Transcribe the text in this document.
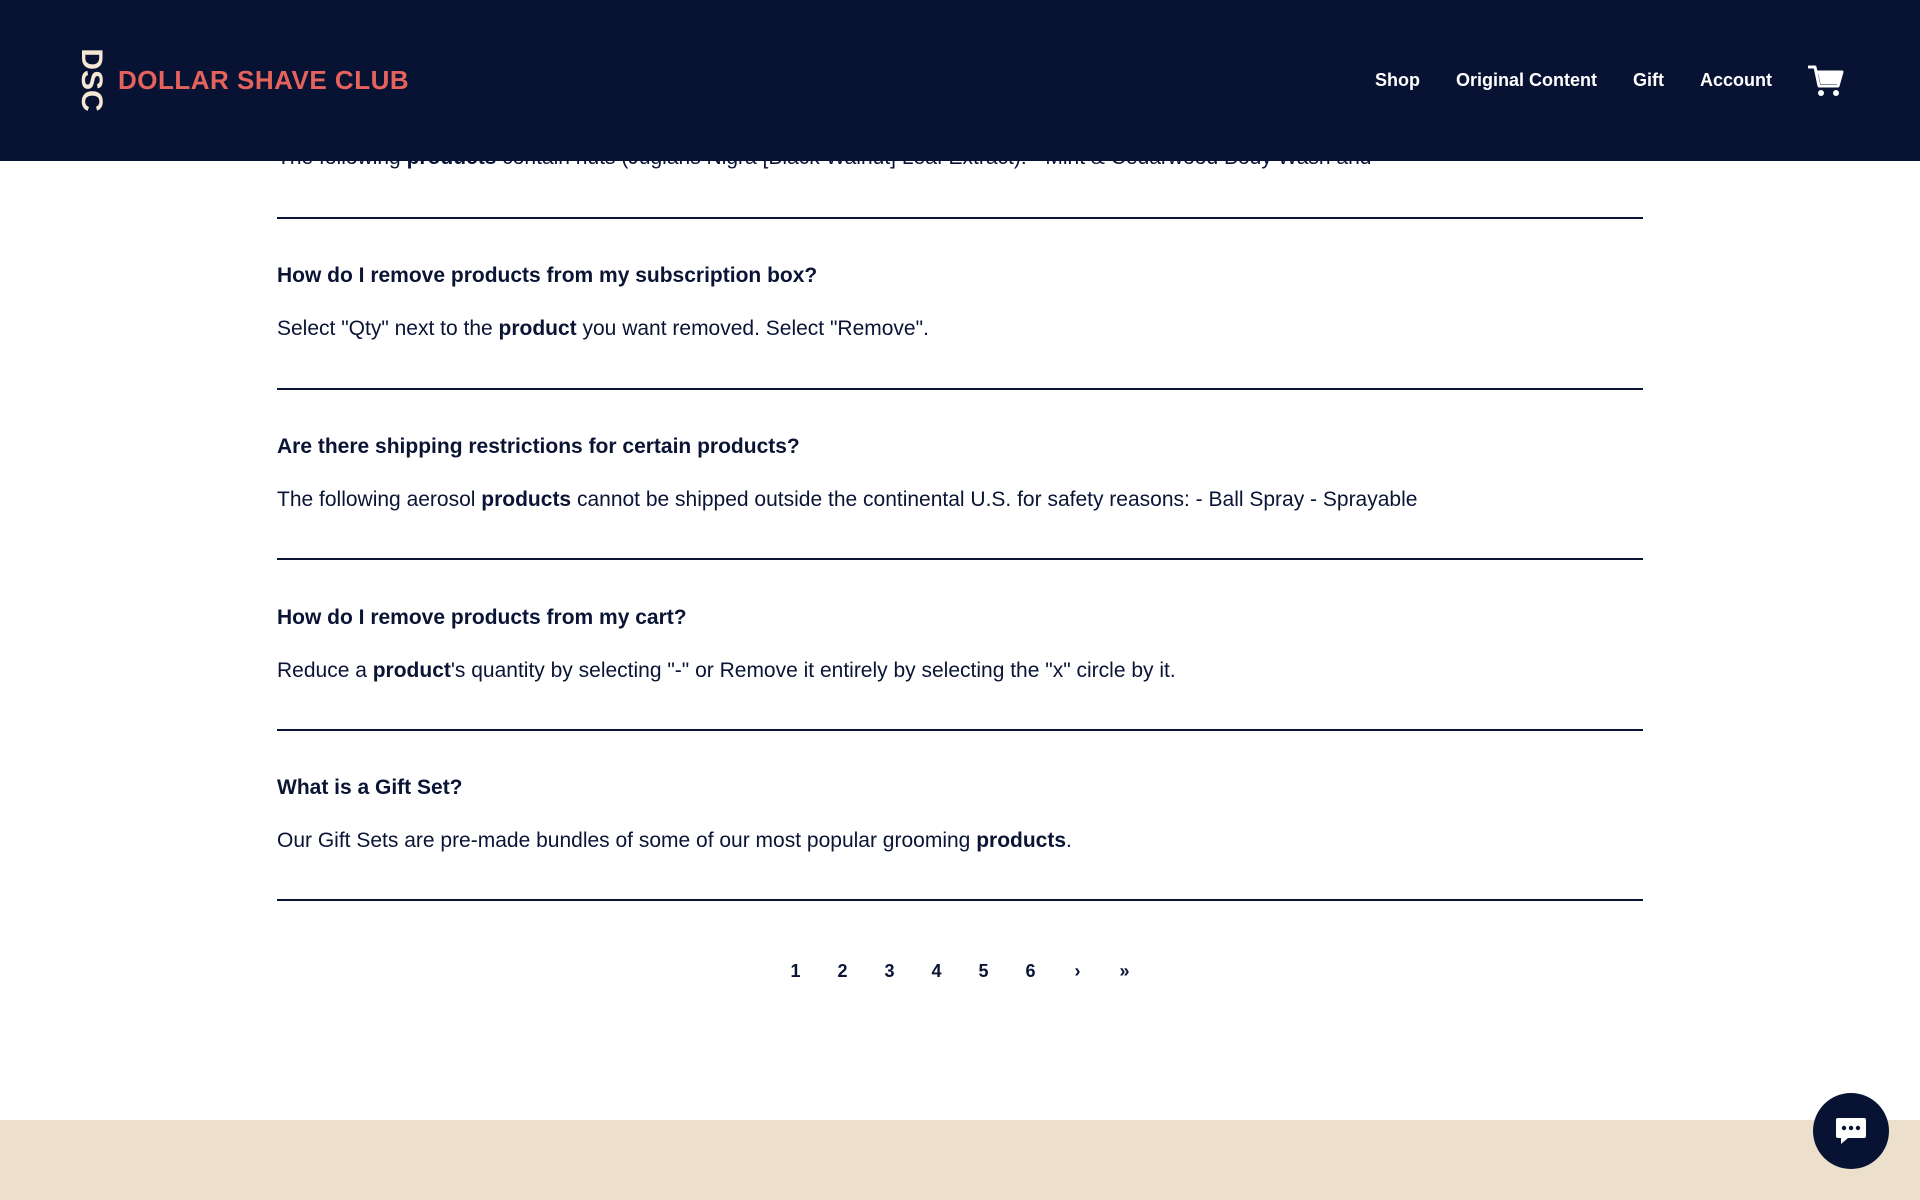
How do I remove products from my subscription box?
Select "Qty" next to the product you want removed. Select "Remove".
Are there shipping restrictions for certain products?
The following aerosol products cannot be shipped outside the continental U.S. for safety reasons: - Ball Spray - Sprayable
How do I remove products from my cart?
Reduce a product's quantity by selecting "-" or Remove it entirely by selecting the "x" circle by it.
What is a Gift Set?
Our Gift Sets are pre-made bundles of some of our most popular grooming products.
1	2	3	4	5	6	›	»
DSC DOLLAR SHAVE CLUB	Shop Original Content Gift Account
